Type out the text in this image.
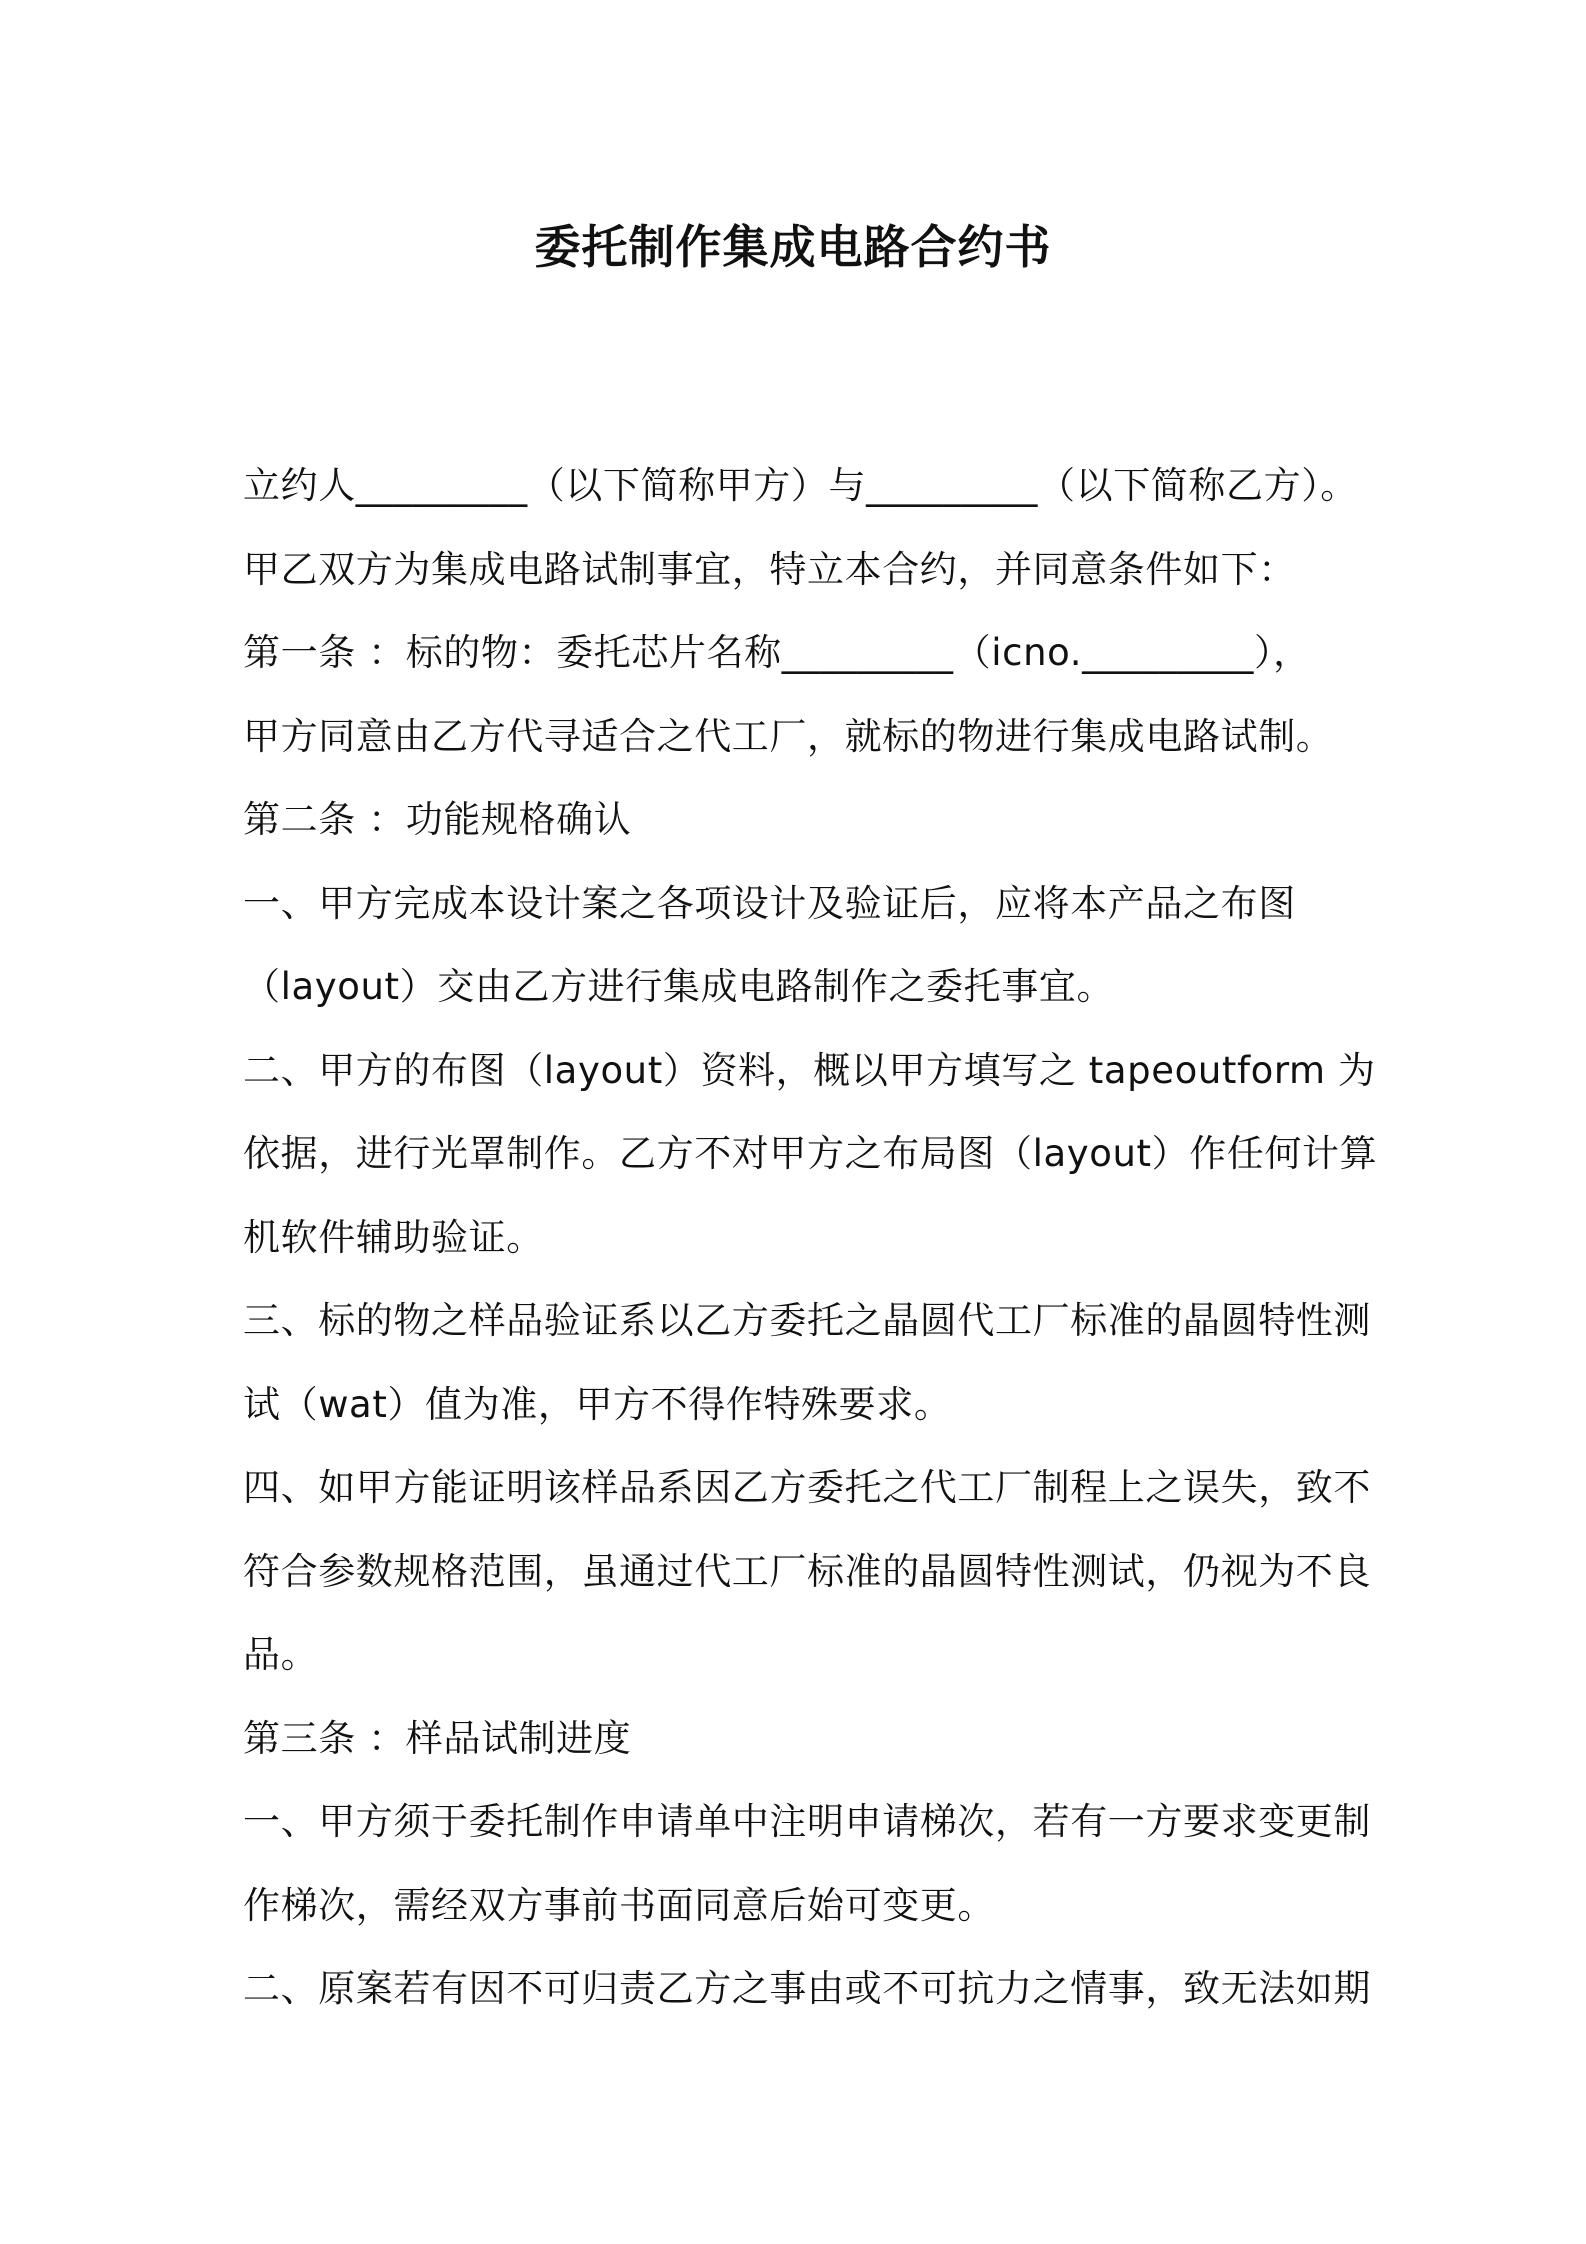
委托制作集成电路合约书
立约人_________（以下简称甲方）与_________（以下简称乙方）。
甲乙双方为集成电路试制事宜，特立本合约，并同意条件如下：
第一条 ：标的物：委托芯片名称_________（icno._________），
甲方同意由乙方代寻适合之代工厂，就标的物进行集成电路试制。
第二条 ：功能规格确认
一、甲方完成本设计案之各项设计及验证后，应将本产品之布图
（layout）交由乙方进行集成电路制作之委托事宜。
二、甲方的布图（layout）资料，概以甲方填写之 tapeoutform 为
依据，进行光罩制作。乙方不对甲方之布局图（layout）作任何计算
机软件辅助验证。
三、标的物之样品验证系以乙方委托之晶圆代工厂标准的晶圆特性测
试（wat）值为准，甲方不得作特殊要求。
四、如甲方能证明该样品系因乙方委托之代工厂制程上之误失，致不
符合参数规格范围，虽通过代工厂标准的晶圆特性测试，仍视为不良
品。
第三条 ：样品试制进度
一、甲方须于委托制作申请单中注明申请梯次，若有一方要求变更制
作梯次，需经双方事前书面同意后始可变更。
二、原案若有因不可归责乙方之事由或不可抗力之情事，致无法如期
